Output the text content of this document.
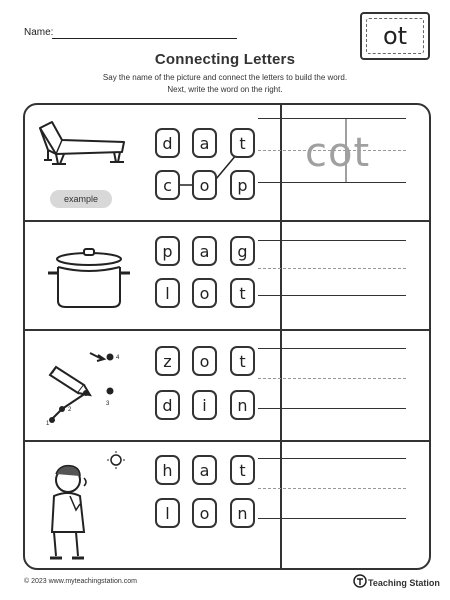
Name:
Connecting Letters
Say the name of the picture and connect the letters to build the word.
Next, write the word on the right.
ot
4
2
1
3
example
cot
d	a	t
c	o	p
p	a	g
l	o	t
z	o	t
d	i	n
h	a	t
l	o	n
© 2023 www.myteachingstation.com	Teaching Station
